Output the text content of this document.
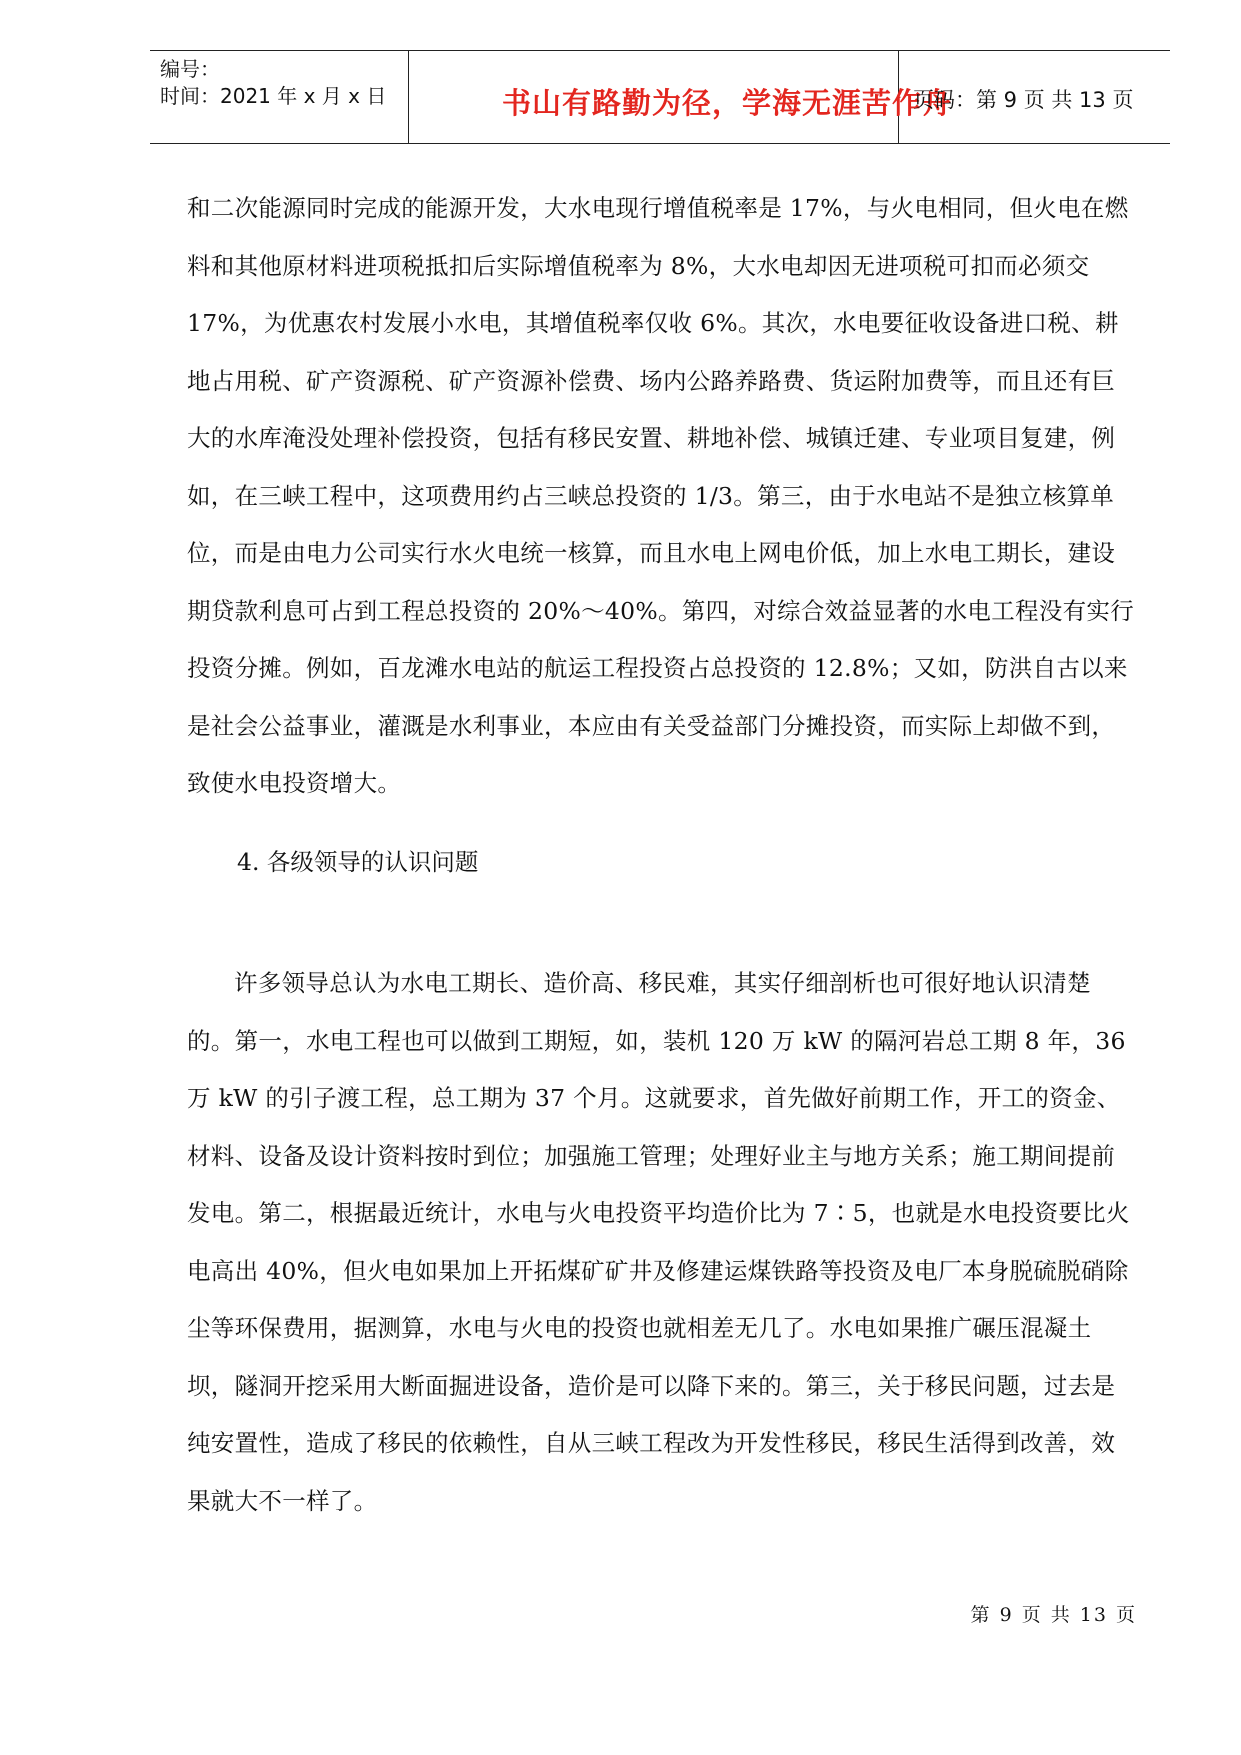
编号：
时间：2021 年 x 月 x 日	书山有路勤为径，学海无涯苦作舟
页码：第 9 页 共 13 页

和二次能源同时完成的能源开发，大水电现行增值税率是 17%，与火电相同，但火电在燃料和其他原材料进项税抵扣后实际增值税率为 8%，大水电却因无进项税可扣而必须交 17%，为优惠农村发展小水电，其增值税率仅收 6%。其次，水电要征收设备进口税、耕地占用税、矿产资源税、矿产资源补偿费、场内公路养路费、货运附加费等，而且还有巨大的水库淹没处理补偿投资，包括有移民安置、耕地补偿、城镇迁建、专业项目复建，例如，在三峡工程中，这项费用约占三峡总投资的 1/3。第三，由于水电站不是独立核算单位，而是由电力公司实行水火电统一核算，而且水电上网电价低，加上水电工期长，建设期贷款利息可占到工程总投资的 20%～40%。第四，对综合效益显著的水电工程没有实行投资分摊。例如，百龙滩水电站的航运工程投资占总投资的 12.8%；又如，防洪自古以来是社会公益事业，灌溉是水利事业，本应由有关受益部门分摊投资，而实际上却做不到，致使水电投资增大。

4. 各级领导的认识问题

许多领导总认为水电工期长、造价高、移民难，其实仔细剖析也可很好地认识清楚的。第一，水电工程也可以做到工期短，如，装机 120 万 kW 的隔河岩总工期 8 年，36 万 kW 的引子渡工程，总工期为 37 个月。这就要求，首先做好前期工作，开工的资金、材料、设备及设计资料按时到位；加强施工管理；处理好业主与地方关系；施工期间提前发电。第二，根据最近统计，水电与火电投资平均造价比为 7∶5，也就是水电投资要比火电高出 40%，但火电如果加上开拓煤矿矿井及修建运煤铁路等投资及电厂本身脱硫脱硝除尘等环保费用，据测算，水电与火电的投资也就相差无几了。水电如果推广碾压混凝土坝，隧洞开挖采用大断面掘进设备，造价是可以降下来的。第三，关于移民问题，过去是纯安置性，造成了移民的依赖性，自从三峡工程改为开发性移民，移民生活得到改善，效果就大不一样了。

第 9 页 共 13 页
